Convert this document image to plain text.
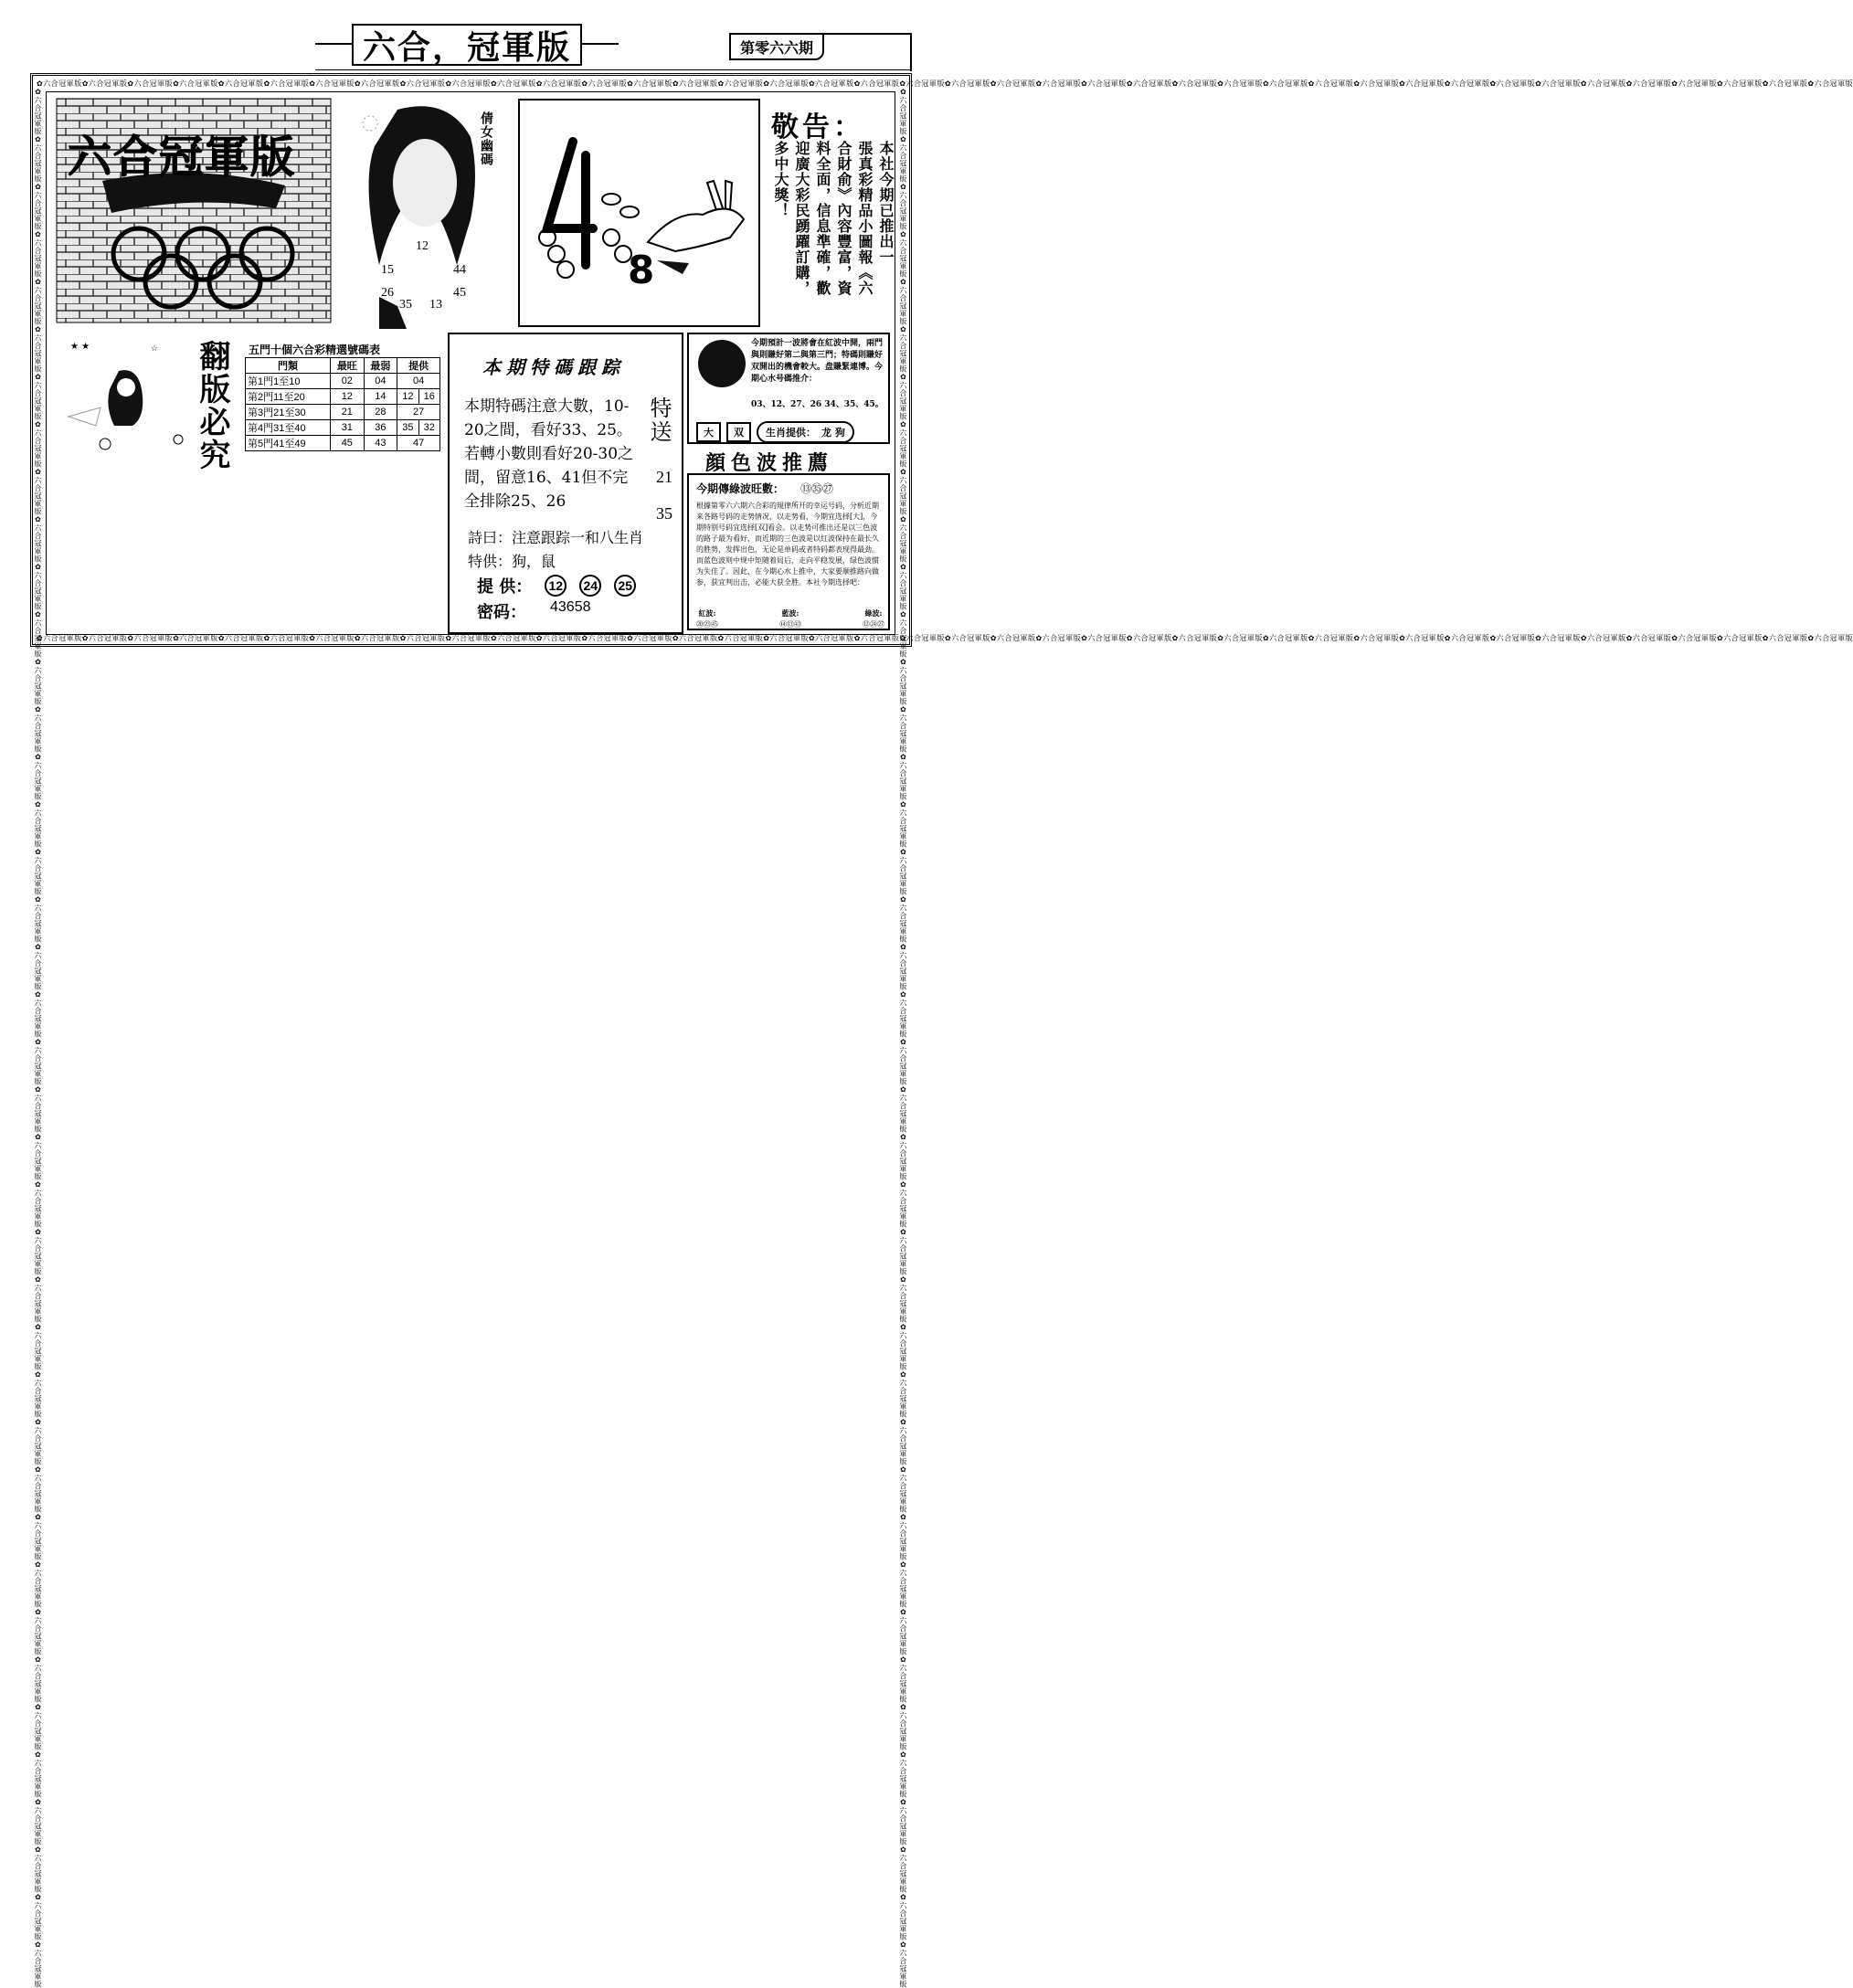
六合，冠軍版	第零六六期
✿六合冠軍版✿六合冠軍版✿六合冠軍版✿六合冠軍版✿六合冠軍版✿六合冠軍版✿六合冠軍版✿六合冠軍版✿六合冠軍版✿六合冠軍版✿六合冠軍版✿六合冠軍版✿六合冠軍版✿六合冠軍版✿六合冠軍版✿六合冠軍版✿六合冠軍版✿六合冠軍版✿六合冠軍版✿六合冠軍版✿六合冠軍版✿六合冠軍版✿六合冠軍版✿六合冠軍版✿六合冠軍版✿六合冠軍版✿六合冠軍版✿六合冠軍版✿六合冠軍版✿六合冠軍版✿六合冠軍版✿六合冠軍版✿六合冠軍版✿六合冠軍版✿六合冠軍版✿六合冠軍版✿六合冠軍版✿六合冠軍版✿六合冠軍版✿六合冠軍版
✿六合冠軍版✿六合冠軍版✿六合冠軍版✿六合冠軍版✿六合冠軍版✿六合冠軍版✿六合冠軍版✿六合冠軍版✿六合冠軍版✿六合冠軍版✿六合冠軍版✿六合冠軍版✿六合冠軍版✿六合冠軍版✿六合冠軍版✿六合冠軍版✿六合冠軍版✿六合冠軍版✿六合冠軍版✿六合冠軍版✿六合冠軍版✿六合冠軍版✿六合冠軍版✿六合冠軍版✿六合冠軍版✿六合冠軍版✿六合冠軍版✿六合冠軍版✿六合冠軍版✿六合冠軍版✿六合冠軍版✿六合冠軍版✿六合冠軍版✿六合冠軍版✿六合冠軍版✿六合冠軍版✿六合冠軍版✿六合冠軍版✿六合冠軍版✿六合冠軍版
✿六合冠軍版✿六合冠軍版✿六合冠軍版✿六合冠軍版✿六合冠軍版✿六合冠軍版✿六合冠軍版✿六合冠軍版✿六合冠軍版✿六合冠軍版✿六合冠軍版✿六合冠軍版✿六合冠軍版✿六合冠軍版✿六合冠軍版✿六合冠軍版✿六合冠軍版✿六合冠軍版✿六合冠軍版✿六合冠軍版✿六合冠軍版✿六合冠軍版✿六合冠軍版✿六合冠軍版✿六合冠軍版✿六合冠軍版✿六合冠軍版✿六合冠軍版✿六合冠軍版✿六合冠軍版✿六合冠軍版✿六合冠軍版✿六合冠軍版✿六合冠軍版✿六合冠軍版✿六合冠軍版✿六合冠軍版✿六合冠軍版✿六合冠軍版✿六合冠軍版	✿六合冠軍版✿六合冠軍版✿六合冠軍版✿六合冠軍版✿六合冠軍版✿六合冠軍版✿六合冠軍版✿六合冠軍版✿六合冠軍版✿六合冠軍版✿六合冠軍版✿六合冠軍版✿六合冠軍版✿六合冠軍版✿六合冠軍版✿六合冠軍版✿六合冠軍版✿六合冠軍版✿六合冠軍版✿六合冠軍版✿六合冠軍版✿六合冠軍版✿六合冠軍版✿六合冠軍版✿六合冠軍版✿六合冠軍版✿六合冠軍版✿六合冠軍版✿六合冠軍版✿六合冠軍版✿六合冠軍版✿六合冠軍版✿六合冠軍版✿六合冠軍版✿六合冠軍版✿六合冠軍版✿六合冠軍版✿六合冠軍版✿六合冠軍版✿六合冠軍版
六合冠軍版	倩女幽碼
12
15	44
26	45
35 13
8
敬告：
本社今期已推出一
張真彩精品小圖報《六
合財俞》內容豐富，資
料全面，信息準確，歡
迎廣大彩民踴躍訂購，
多中大獎！
★ ★	☆ 翻版必究	五門十個六合彩精選號碼表
門類	最旺	最弱	提供	
第1門1至10	02	04	04	
第2門11至20	12	14	12	16
第3門21至30	21	28	27	
第4門31至40	31	36	35	32
第5門41至49	45	43	47	
本期特碼跟踪
本期特碼注意大數，10-20之間，看好33、25。若轉小數則看好20-30之間，留意16、41但不完全排除25、26
特送
21
35
詩曰：注意跟踪一和八生肖特供：狗，鼠
提 供：	12	24	25
密码： 43658
今期預計一波將會在紅波中開，兩門與則賺好第二與第三門；特碼則賺好双開出的機會較大。盘賺緊連博。今期心水号碼推介：
03、12、27、26 34、35、45。
大	双	生肖提供： 龙 狗
顔色波推薦
今期傳綠波旺數： ⑬㉟㉗
根據第零六六期六合彩的規律所开的幸运号码，分析近期来各路号码的走势情况，以走势看，今期宜选择[大]，今期特别号码宜选择[双]看会。以走势可推出还是以三色波的路子最为看好，而近期的三色波是以红波保持在最长久的胜势，发挥出色，无论是单码或者特码都表现得最劲。而蓝色波则中规中矩随着局后，走向平稳发展，绿色波惯为失佳了。因此，在今期心水上推中，大家要顺推路向做参，获宜判出击，必能大获全胜。本社今期选择吧：
紅波:
⑳㉓㊺
藍波:
⑭⑬㊸
綠波:
⑫㉔㉗
